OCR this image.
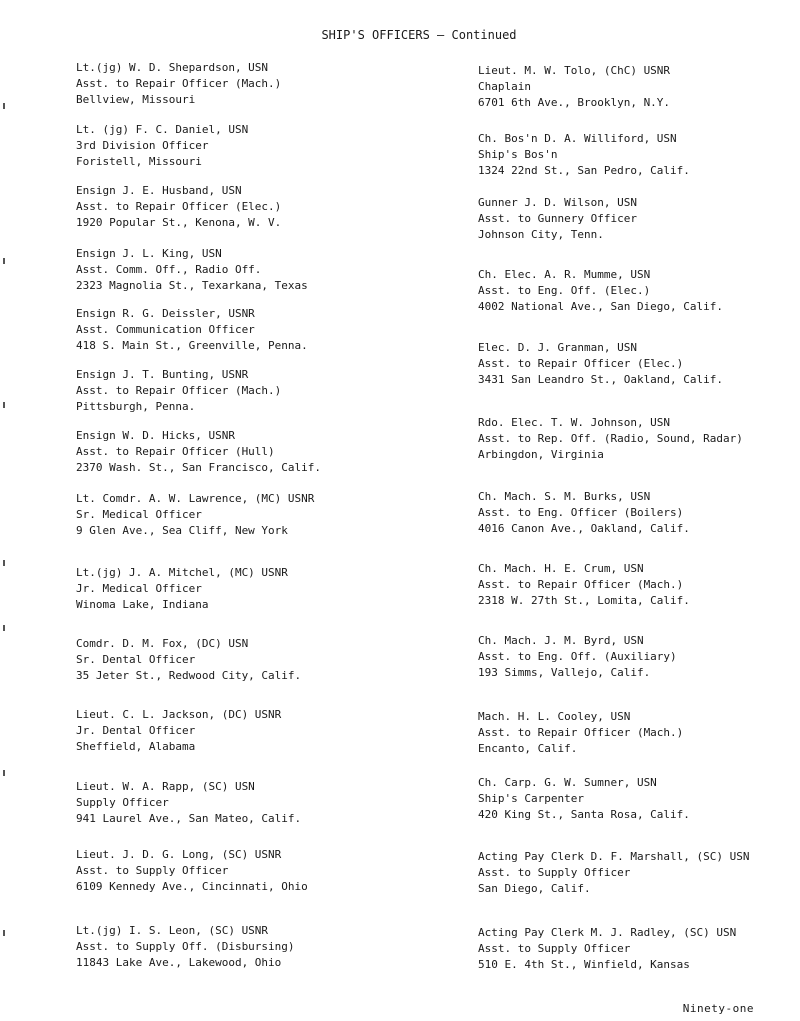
SHIP'S OFFICERS — Continued
Lt.(jg) W. D. Shepardson, USN
Asst. to Repair Officer (Mach.)
Bellview, Missouri
Lt. (jg) F. C. Daniel, USN
3rd Division Officer
Foristell, Missouri
Ensign J. E. Husband, USN
Asst. to Repair Officer (Elec.)
1920 Popular St., Kenona, W. V.
Ensign J. L. King, USN
Asst. Comm. Off., Radio Off.
2323 Magnolia St., Texarkana, Texas
Ensign R. G. Deissler, USNR
Asst. Communication Officer
418 S. Main St., Greenville, Penna.
Ensign J. T. Bunting, USNR
Asst. to Repair Officer (Mach.)
Pittsburgh, Penna.
Ensign W. D. Hicks, USNR
Asst. to Repair Officer (Hull)
2370 Wash. St., San Francisco, Calif.
Lt. Comdr. A. W. Lawrence, (MC) USNR
Sr. Medical Officer
9 Glen Ave., Sea Cliff, New York
Lt.(jg) J. A. Mitchel, (MC) USNR
Jr. Medical Officer
Winoma Lake, Indiana
Comdr. D. M. Fox, (DC) USN
Sr. Dental Officer
35 Jeter St., Redwood City, Calif.
Lieut. C. L. Jackson, (DC) USNR
Jr. Dental Officer
Sheffield, Alabama
Lieut. W. A. Rapp, (SC) USN
Supply Officer
941 Laurel Ave., San Mateo, Calif.
Lieut. J. D. G. Long, (SC) USNR
Asst. to Supply Officer
6109 Kennedy Ave., Cincinnati, Ohio
Lt.(jg) I. S. Leon, (SC) USNR
Asst. to Supply Off. (Disbursing)
11843 Lake Ave., Lakewood, Ohio
Lieut. M. W. Tolo, (ChC) USNR
Chaplain
6701 6th Ave., Brooklyn, N.Y.
Ch. Bos'n D. A. Williford, USN
Ship's Bos'n
1324 22nd St., San Pedro, Calif.
Gunner J. D. Wilson, USN
Asst. to Gunnery Officer
Johnson City, Tenn.
Ch. Elec. A. R. Mumme, USN
Asst. to Eng. Off. (Elec.)
4002 National Ave., San Diego, Calif.
Elec. D. J. Granman, USN
Asst. to Repair Officer (Elec.)
3431 San Leandro St., Oakland, Calif.
Rdo. Elec. T. W. Johnson, USN
Asst. to Rep. Off. (Radio, Sound, Radar)
Arbingdon, Virginia
Ch. Mach. S. M. Burks, USN
Asst. to Eng. Officer (Boilers)
4016 Canon Ave., Oakland, Calif.
Ch. Mach. H. E. Crum, USN
Asst. to Repair Officer (Mach.)
2318 W. 27th St., Lomita, Calif.
Ch. Mach. J. M. Byrd, USN
Asst. to Eng. Off. (Auxiliary)
193 Simms, Vallejo, Calif.
Mach. H. L. Cooley, USN
Asst. to Repair Officer (Mach.)
Encanto, Calif.
Ch. Carp. G. W. Sumner, USN
Ship's Carpenter
420 King St., Santa Rosa, Calif.
Acting Pay Clerk D. F. Marshall, (SC) USN
Asst. to Supply Officer
San Diego, Calif.
Acting Pay Clerk M. J. Radley, (SC) USN
Asst. to Supply Officer
510 E. 4th St., Winfield, Kansas
Ninety-one
